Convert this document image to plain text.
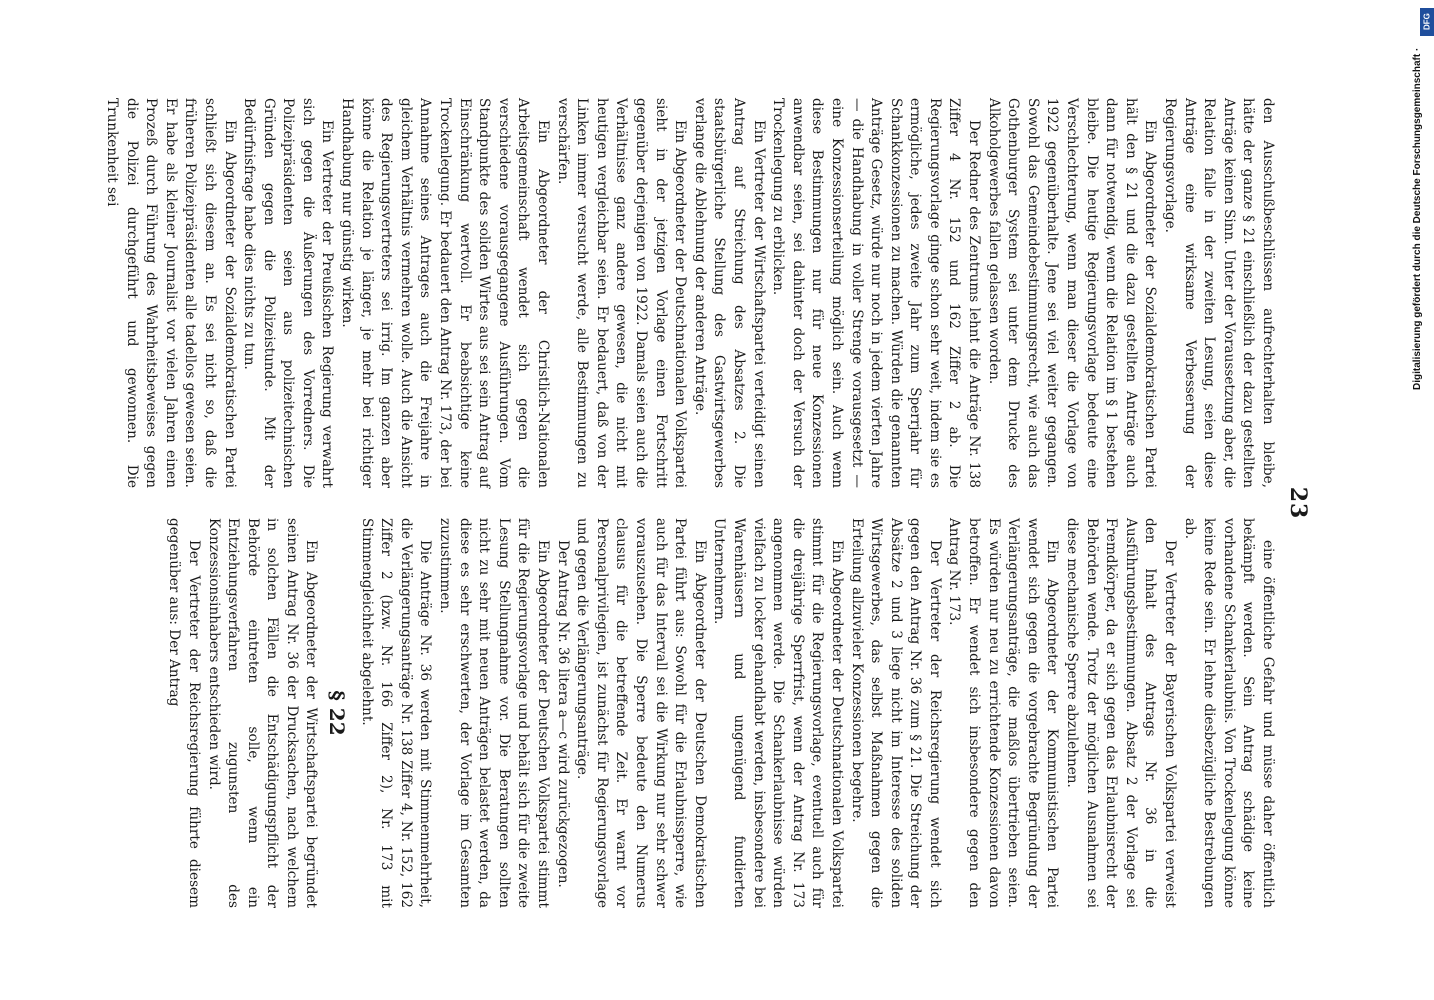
23

den Ausschußbeschlüssen aufrechterhalten bleibe, hätte der ganze § 21 einschließlich der dazu gestellten Anträge keinen Sinn. Unter der Voraussetzung aber, die Relation falle in der zweiten Lesung, seien diese Anträge eine wirksame Verbesserung der Regierungsvorlage.

Ein Abgeordneter der Sozialdemokratischen Partei hält den § 21 und die dazu gestellten Anträge auch dann für notwendig, wenn die Relation im § 1 bestehen bleibe. Die heutige Regierungsvorlage bedeute eine Verschlechterung, wenn man dieser die Vorlage von 1922 gegenüberhalte. Jene sei viel weiter gegangen. Sowohl das Gemeindebestimmungsrecht, wie auch das Gothenburger System sei unter dem Drucke des Alkoholgewerbes fallen gelassen worden.

Der Redner des Zentrums lehnt die Anträge Nr. 138 Ziffer 4 Nr. 152 und 162 Ziffer 2 ab. Die Regierungsvorlage ginge schon sehr weit, indem sie es ermögliche, jedes zweite Jahr zum Sperrjahr für Schankkonzessionen zu machen. Würden die genannten Anträge Gesetz, würde nur noch in jedem vierten Jahre — die Handhabung in voller Strenge vorausgesetzt — eine Konzessionserteilung möglich sein. Auch wenn diese Bestimmungen nur für neue Konzessionen anwendbar seien, sei dahinter doch der Versuch der Trockenlegung zu erblicken.

Ein Vertreter der Wirtschaftspartei verteidigt seinen Antrag auf Streichung des Absatzes 2. Die staatsbürgerliche Stellung des Gastwirtsgewerbes verlange die Ablehnung der anderen Anträge.

Ein Abgeordneter der Deutschnationalen Volkspartei sieht in der jetzigen Vorlage einen Fortschritt gegenüber derjenigen von 1922. Damals seien auch die Verhältnisse ganz andere gewesen, die nicht mit heutigen vergleichbar seien. Er bedauert, daß von der Linken immer versucht werde, alle Bestimmungen zu verschärfen.

Ein Abgeordneter der Christlich-Nationalen Arbeitsgemeinschaft wendet sich gegen die verschiedene vorausgegangene Ausführungen. Vom Standpunkte des soliden Wirtes aus sei sein Antrag auf Einschränkung wertvoll. Er beabsichtige keine Trockenlegung. Er bedauert den Antrag Nr. 173, der bei Annahme seines Antrages auch die Freijahre in gleichem Verhältnis vermehren wolle. Auch die Ansicht des Regierungsvertreters sei irrig. Im ganzen aber könne die Relation je länger, je mehr bei richtiger Handhabung nur günstig wirken.

Ein Vertreter der Preußischen Regierung verwahrt sich gegen die Äußerungen des Vorredners. Die Polizeipräsidenten seien aus polizeitechnischen Gründen gegen die Polizeistunde. Mit der Bedürfnisfrage habe dies nichts zu tun.

Ein Abgeordneter der Sozialdemokratischen Partei schließt sich diesem an. Es sei nicht so, daß die früheren Polizeipräsidenten alle tadellos gewesen seien. Er habe als kleiner Journalist vor vielen Jahren einen Prozeß durch Führung des Wahrheitsbeweises gegen die Polizei durchgeführt und gewonnen. Die Trunkenheit sei

eine öffentliche Gefahr und müsse daher öffentlich bekämpft werden. Sein Antrag schädige keine vorhandene Schankerlaubnis. Von Trockenlegung könne keine Rede sein. Er lehne diesbezügliche Bestrebungen ab.

Der Vertreter der Bayerischen Volkspartei verweist den Inhalt des Antrags Nr. 36 in die Ausführungsbestimmungen. Absatz 2 der Vorlage sei Fremdkörper, da er sich gegen das Erlaubnisrecht der Behörden wende. Trotz der möglichen Ausnahmen sei diese mechanische Sperre abzulehnen.

Ein Abgeordneter der Kommunistischen Partei wendet sich gegen die vorgebrachte Begründung der Verlängerungsanträge, die maßlos übertrieben seien. Es würden nur neu zu errichtende Konzessionen davon betroffen. Er wendet sich insbesondere gegen den Antrag Nr. 173.

Der Vertreter der Reichsregierung wendet sich gegen den Antrag Nr. 36 zum § 21. Die Streichung der Absätze 2 und 3 liege nicht im Interesse des soliden Wirtsgewerbes, das selbst Maßnahmen gegen die Erteilung allzuvieler Konzessionen begehre.

Ein Abgeordneter der Deutschnationalen Volkspartei stimmt für die Regierungsvorlage, eventuell auch für die dreijährige Sperrfrist, wenn der Antrag Nr. 173 angenommen werde. Die Schankerlaubnisse würden vielfach zu locker gehandhabt werden, insbesondere bei Warenhäusern und ungenügend fundierten Unternehmern.

Ein Abgeordneter der Deutschen Demokratischen Partei führt aus: Sowohl für die Erlaubnissperre, wie auch für das Intervall sei die Wirkung nur sehr schwer vorauszusehen. Die Sperre bedeute den Numerus clausus für die betreffende Zeit. Er warnt vor Personalprivilegien, ist zunächst für Regierungsvorlage und gegen die Verlängerungsanträge.

Der Antrag Nr. 36 litera a—c wird zurückgezogen.

Ein Abgeordneter der Deutschen Volkspartei stimmt für die Regierungsvorlage und behält sich für die zweite Lesung Stellungnahme vor. Die Beratungen sollten nicht zu sehr mit neuen Anträgen belastet werden, da diese es sehr erschwerten, der Vorlage im Gesamten zuzustimmen.

Die Anträge Nr. 36 werden mit Stimmenmehrheit, die Verlängerungsanträge Nr. 138 Ziffer 4, Nr. 152, 162 Ziffer 2 (bzw. Nr. 166 Ziffer 2), Nr. 173 mit Stimmengleichheit abgelehnt.

§ 22

Ein Abgeordneter der Wirtschaftspartei begründet seinen Antrag Nr. 36 der Drucksachen, nach welchem in solchen Fällen die Entschädigungspflicht der Behörde eintreten solle, wenn ein Entziehungsverfahren zugunsten des Konzessionsinhabers entschieden wird.

Der Vertreter der Reichsregierung führte diesem gegenüber aus: Der Antrag

Digitalisierung gefördert durch die Deutsche Forschungsgemeinschaft ·
DFG
